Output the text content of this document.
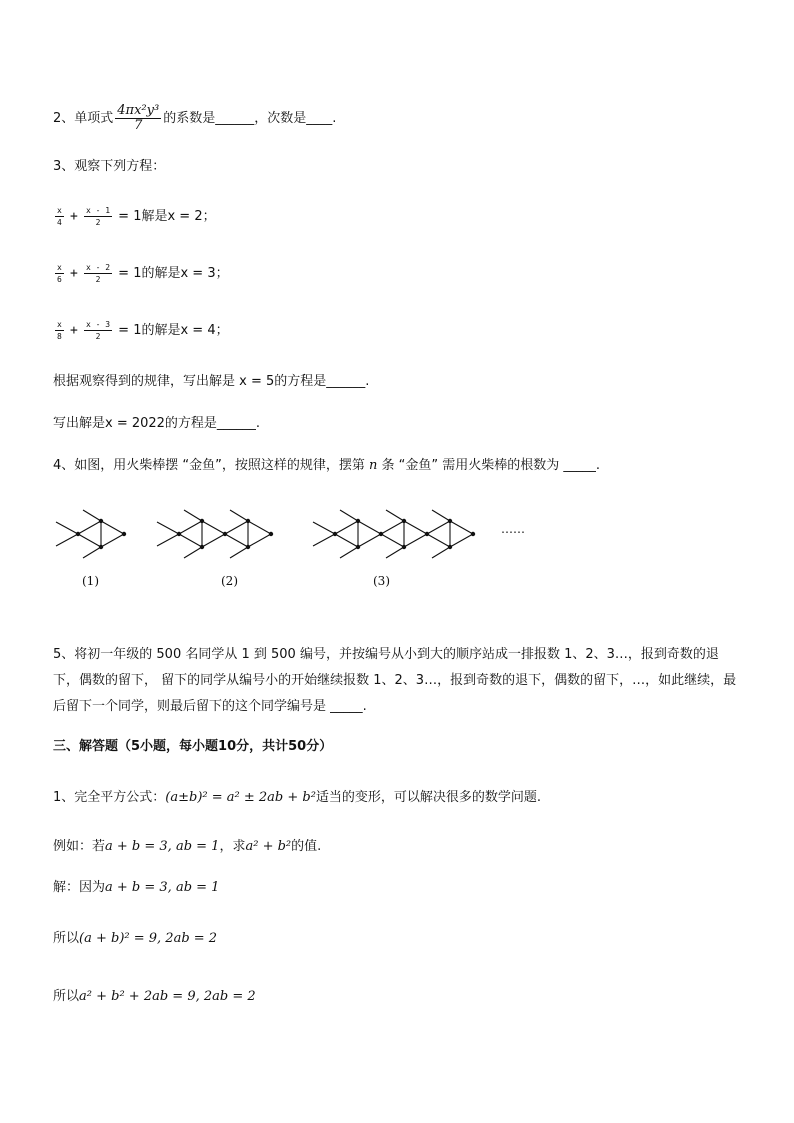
2、单项式 $\frac{\text{4πx²y³}}{7}$ 的系数是______，次数是____.
3、观察下列方程：
$\frac{x}{4} + \frac{x - 1}{2} = 1$解是x = 2；
$\frac{x}{6} + \frac{x - 2}{2} = 1$的解是x = 3；
$\frac{x}{8} + \frac{x - 3}{2} = 1$的解是x = 4；
根据观察得到的规律，写出解是 x = 5的方程是______.
写出解是x = 2022的方程是______.
4、如图，用火柴棒摆 “金鱼”，按照这样的规律，摆第 n 条 “金鱼” 需用火柴棒的根数为 _____.
……
(1)	(2)	(3)
5、将初一年级的 500 名同学从 1 到 500 编号，并按编号从小到大的顺序站成一排报数 1、2、3…，报到奇数的退下，偶数的留下， 留下的同学从编号小的开始继续报数 1、2、3…，报到奇数的退下，偶数的留下，…，如此继续，最后留下一个同学，则最后留下的这个同学编号是 _____.
三、解答题（5小题，每小题10分，共计50分）
1、完全平方公式：(a±b)² = a² ± 2ab + b²适当的变形，可以解决很多的数学问题.
例如：若a + b = 3, ab = 1，求a² + b²的值.
解：因为a + b = 3, ab = 1
所以(a + b)² = 9, 2ab = 2
所以a² + b² + 2ab = 9, 2ab = 2
